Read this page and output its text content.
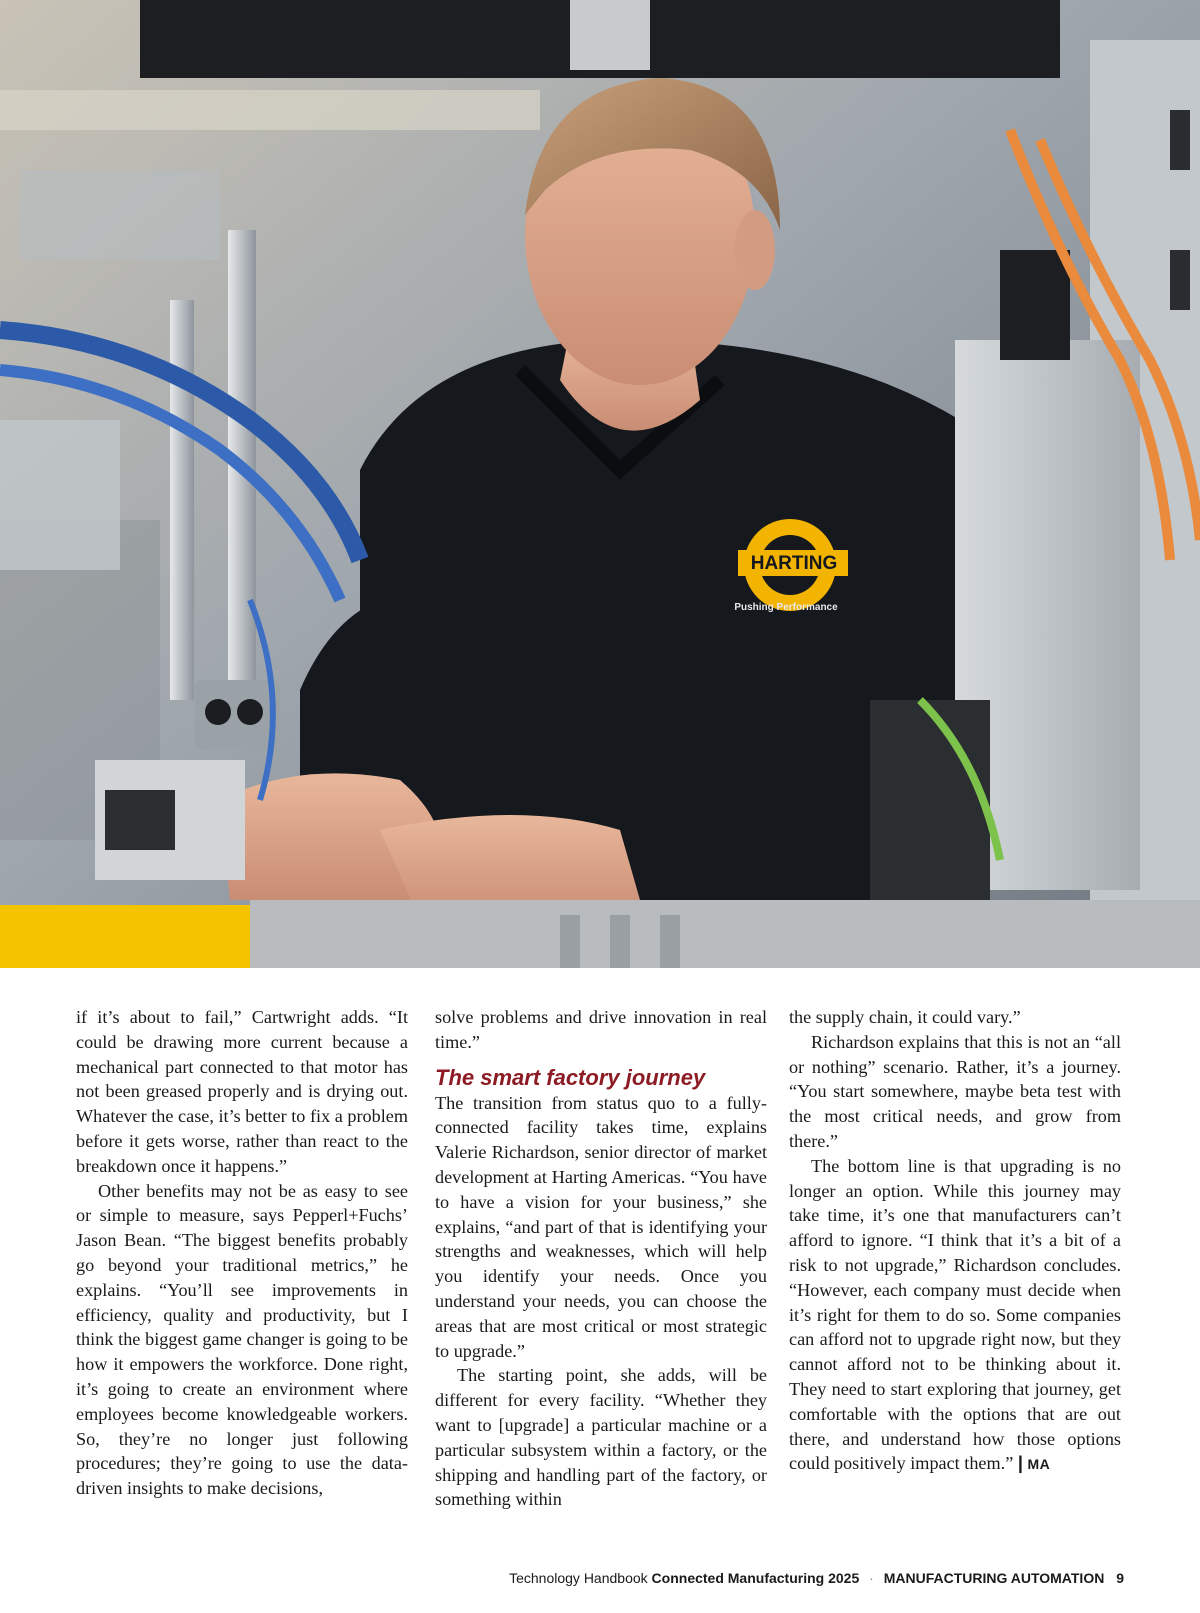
HARTING
Pushing Performance

if it’s about to fail,” Cartwright adds. “It could be drawing more current because a mechanical part connected to that motor has not been greased properly and is drying out. Whatever the case, it’s better to fix a problem before it gets worse, rather than react to the breakdown once it happens.”

Other benefits may not be as easy to see or simple to measure, says Pepperl+Fuchs’ Jason Bean. “The biggest benefits probably go beyond your traditional metrics,” he explains. “You’ll see improvements in efficiency, quality and productivity, but I think the biggest game changer is going to be how it empowers the workforce. Done right, it’s going to create an environment where employees become knowledgeable workers. So, they’re no longer just following procedures; they’re going to use the data-driven insights to make decisions,

solve problems and drive innovation in real time.”

The smart factory journey

The transition from status quo to a fully-connected facility takes time, explains Valerie Richardson, senior director of market development at Harting Americas. “You have to have a vision for your business,” she explains, “and part of that is identifying your strengths and weaknesses, which will help you identify your needs. Once you understand your needs, you can choose the areas that are most critical or most strategic to upgrade.”

The starting point, she adds, will be different for every facility. “Whether they want to [upgrade] a particular machine or a particular subsystem within a factory, or the shipping and handling part of the factory, or something within

the supply chain, it could vary.”

Richardson explains that this is not an “all or nothing” scenario. Rather, it’s a journey. “You start somewhere, maybe beta test with the most critical needs, and grow from there.”

The bottom line is that upgrading is no longer an option. While this journey may take time, it’s one that manufacturers can’t afford to ignore. “I think that it’s a bit of a risk to not upgrade,” Richardson concludes. “However, each company must decide when it’s right for them to do so. Some companies can afford not to upgrade right now, but they cannot afford not to be thinking about it. They need to start exploring that journey, get comfortable with the options that are out there, and understand how those options could positively impact them.” | MA

Technology Handbook Connected Manufacturing 2025 · MANUFACTURING AUTOMATION 9
